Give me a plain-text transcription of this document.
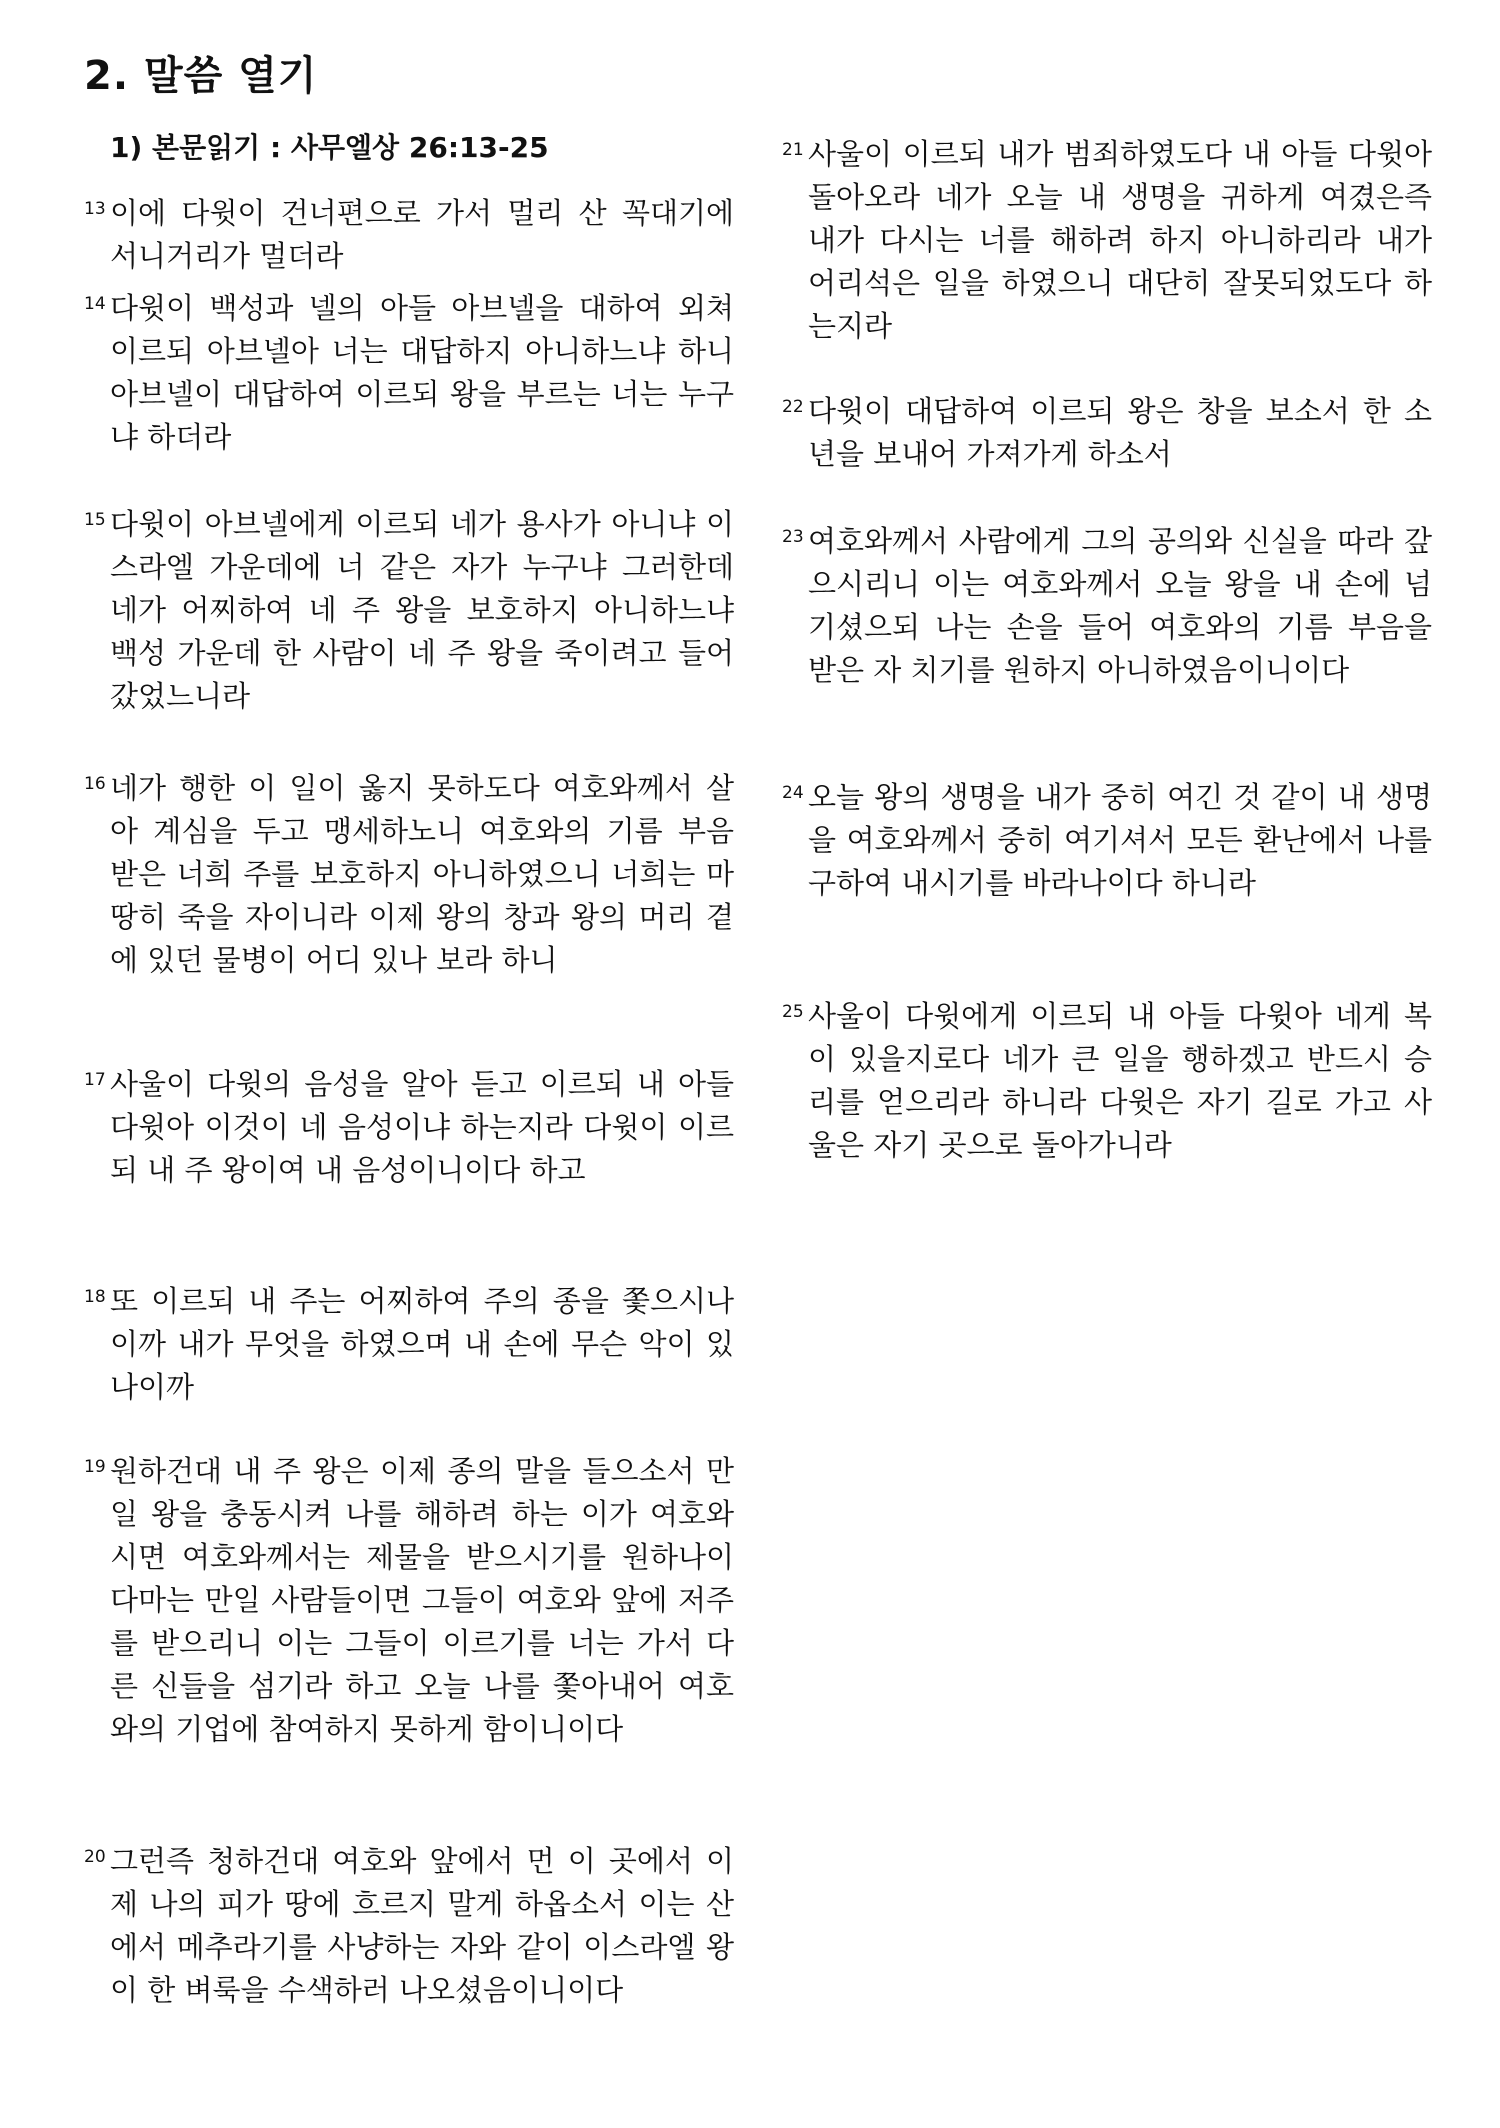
2. 말씀 열기
1) 본문읽기 : 사무엘상 26:13-25

13 이에 다윗이 건너편으로 가서 멀리 산 꼭대기에 서니거리가 멀더라

14 다윗이 백성과 넬의 아들 아브넬을 대하여 외쳐 이르되 아브넬아 너는 대답하지 아니하느냐 하니 아브넬이 대답하여 이르되 왕을 부르는 너는 누구냐 하더라

15 다윗이 아브넬에게 이르되 네가 용사가 아니냐 이스라엘 가운데에 너 같은 자가 누구냐 그러한데 네가 어찌하여 네 주 왕을 보호하지 아니하느냐 백성 가운데 한 사람이 네 주 왕을 죽이려고 들어갔었느니라

16 네가 행한 이 일이 옳지 못하도다 여호와께서 살아 계심을 두고 맹세하노니 여호와의 기름 부음 받은 너희 주를 보호하지 아니하였으니 너희는 마땅히 죽을 자이니라 이제 왕의 창과 왕의 머리 곁에 있던 물병이 어디 있나 보라 하니

17 사울이 다윗의 음성을 알아 듣고 이르되 내 아들 다윗아 이것이 네 음성이냐 하는지라 다윗이 이르되 내 주 왕이여 내 음성이니이다 하고

18 또 이르되 내 주는 어찌하여 주의 종을 쫓으시나이까 내가 무엇을 하였으며 내 손에 무슨 악이 있나이까

19 원하건대 내 주 왕은 이제 종의 말을 들으소서 만일 왕을 충동시켜 나를 해하려 하는 이가 여호와시면 여호와께서는 제물을 받으시기를 원하나이다마는 만일 사람들이면 그들이 여호와 앞에 저주를 받으리니 이는 그들이 이르기를 너는 가서 다른 신들을 섬기라 하고 오늘 나를 쫓아내어 여호와의 기업에 참여하지 못하게 함이니이다

20 그런즉 청하건대 여호와 앞에서 먼 이 곳에서 이제 나의 피가 땅에 흐르지 말게 하옵소서 이는 산에서 메추라기를 사냥하는 자와 같이 이스라엘 왕이 한 벼룩을 수색하러 나오셨음이니이다

21 사울이 이르되 내가 범죄하였도다 내 아들 다윗아 돌아오라 네가 오늘 내 생명을 귀하게 여겼은즉 내가 다시는 너를 해하려 하지 아니하리라 내가 어리석은 일을 하였으니 대단히 잘못되었도다 하는지라

22 다윗이 대답하여 이르되 왕은 창을 보소서 한 소년을 보내어 가져가게 하소서

23 여호와께서 사람에게 그의 공의와 신실을 따라 갚으시리니 이는 여호와께서 오늘 왕을 내 손에 넘기셨으되 나는 손을 들어 여호와의 기름 부음을 받은 자 치기를 원하지 아니하였음이니이다

24 오늘 왕의 생명을 내가 중히 여긴 것 같이 내 생명을 여호와께서 중히 여기셔서 모든 환난에서 나를 구하여 내시기를 바라나이다 하니라

25 사울이 다윗에게 이르되 내 아들 다윗아 네게 복이 있을지로다 네가 큰 일을 행하겠고 반드시 승리를 얻으리라 하니라 다윗은 자기 길로 가고 사울은 자기 곳으로 돌아가니라
